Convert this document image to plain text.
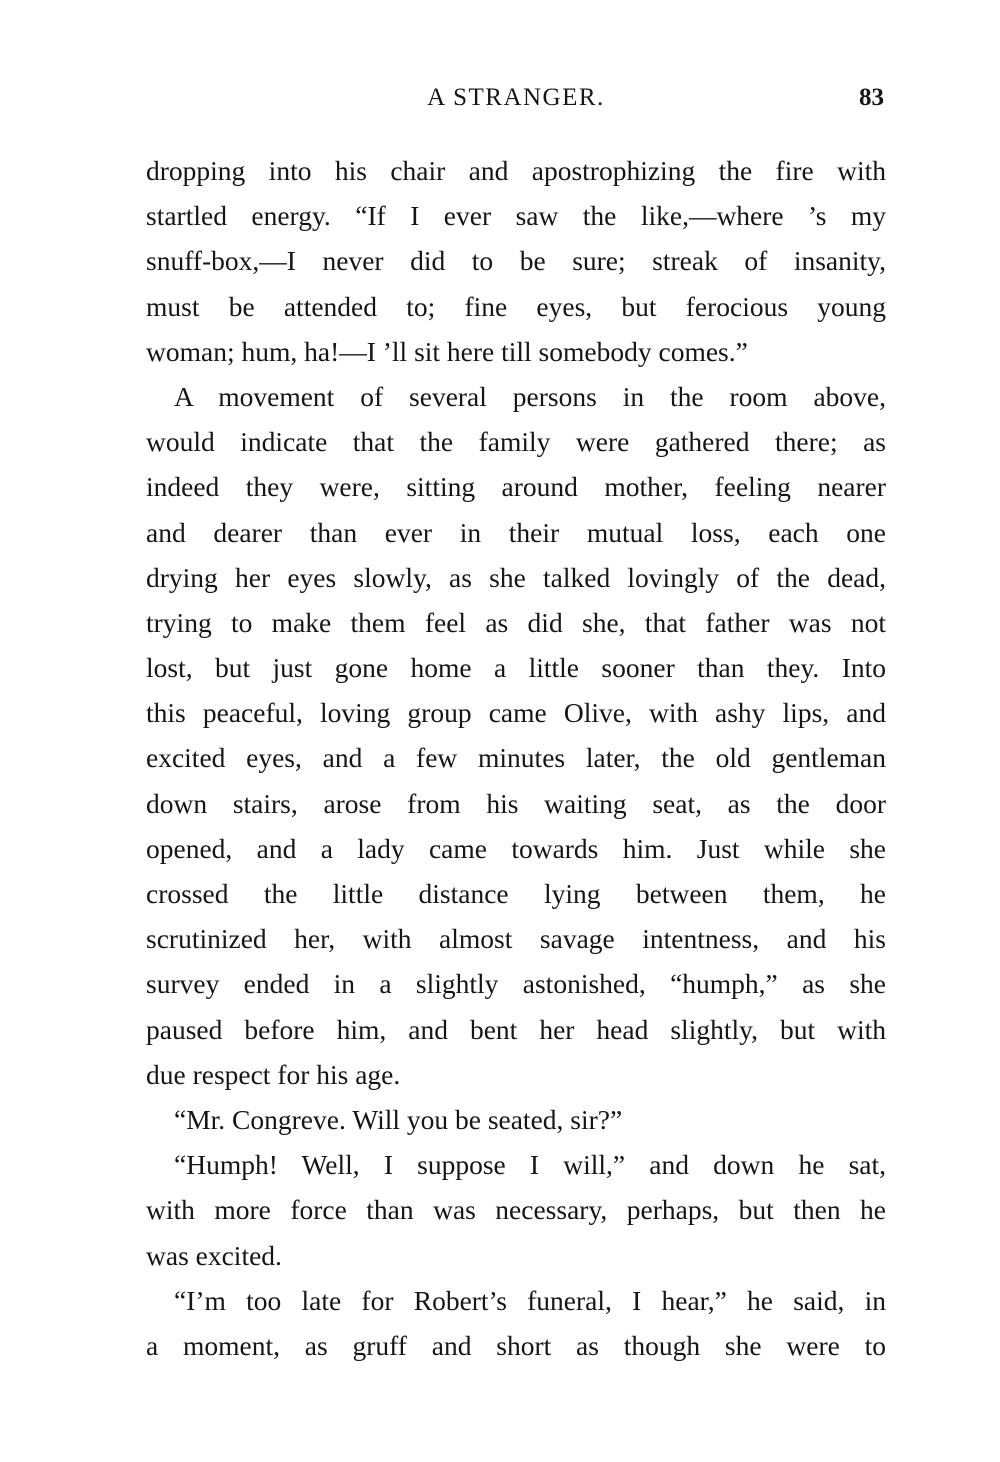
A STRANGER.	83
dropping into his chair and apostrophizing the fire with
startled energy. “If I ever saw the like,—where ’s my
snuff-box,—I never did to be sure; streak of insanity,
must be attended to; fine eyes, but ferocious young
woman; hum, ha!—I ’ll sit here till somebody comes.”
A movement of several persons in the room above,
would indicate that the family were gathered there; as
indeed they were, sitting around mother, feeling nearer
and dearer than ever in their mutual loss, each one
drying her eyes slowly, as she talked lovingly of the dead,
trying to make them feel as did she, that father was not
lost, but just gone home a little sooner than they. Into
this peaceful, loving group came Olive, with ashy lips, and
excited eyes, and a few minutes later, the old gentleman
down stairs, arose from his waiting seat, as the door
opened, and a lady came towards him. Just while she
crossed the little distance lying between them, he
scrutinized her, with almost savage intentness, and his
survey ended in a slightly astonished, “humph,” as she
paused before him, and bent her head slightly, but with
due respect for his age.
“Mr. Congreve. Will you be seated, sir?”
“Humph! Well, I suppose I will,” and down he sat,
with more force than was necessary, perhaps, but then he
was excited.
“I’m too late for Robert’s funeral, I hear,” he said, in
a moment, as gruff and short as though she were to
